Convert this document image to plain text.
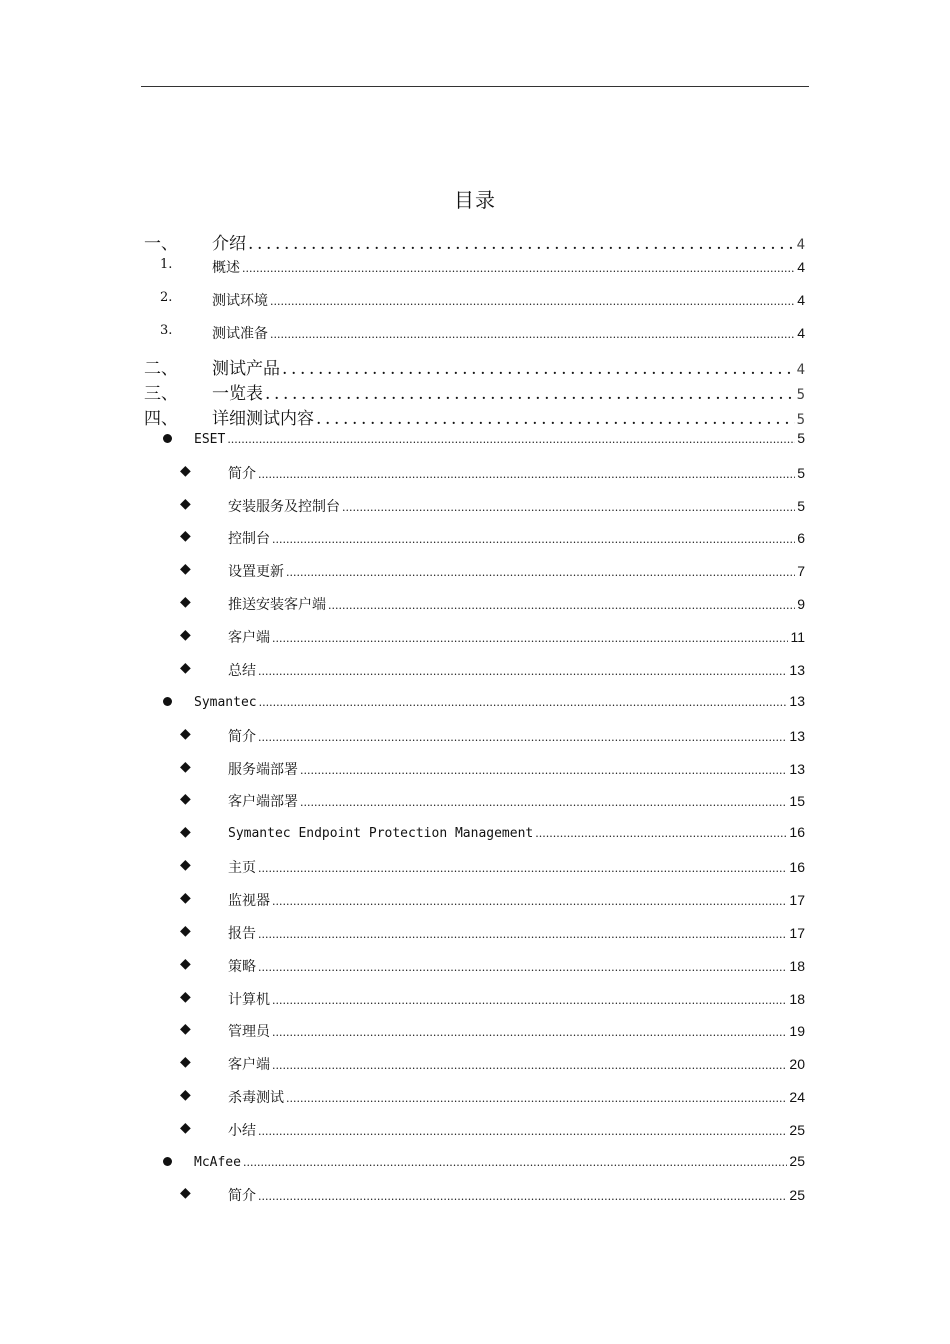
目录
一、 介绍 .....	4
1.	概述 .....	4
2.	测试环境 .....	4
3.	测试准备 .....	4
二、 测试产品 .....	4
三、 一览表 .....	5
四、 详细测试内容 .....	5
ESET .....	5
◆	简介 .....	5
◆	安装服务及控制台 .....	5
◆	控制台 .....	6
◆	设置更新 .....	7
◆	推送安装客户端 .....	9
◆	客户端 .....	11
◆	总结 .....	13
Symantec .....	13
◆	简介 .....	13
◆	服务端部署 .....	13
◆	客户端部署 .....	15
◆	Symantec Endpoint Protection Management .....	16
◆	主页 .....	16
◆	监视器 .....	17
◆	报告 .....	17
◆	策略 .....	18
◆	计算机 .....	18
◆	管理员 .....	19
◆	客户端 .....	20
◆	杀毒测试 .....	24
◆	小结 .....	25
McAfee .....	25
◆	简介 .....	25
